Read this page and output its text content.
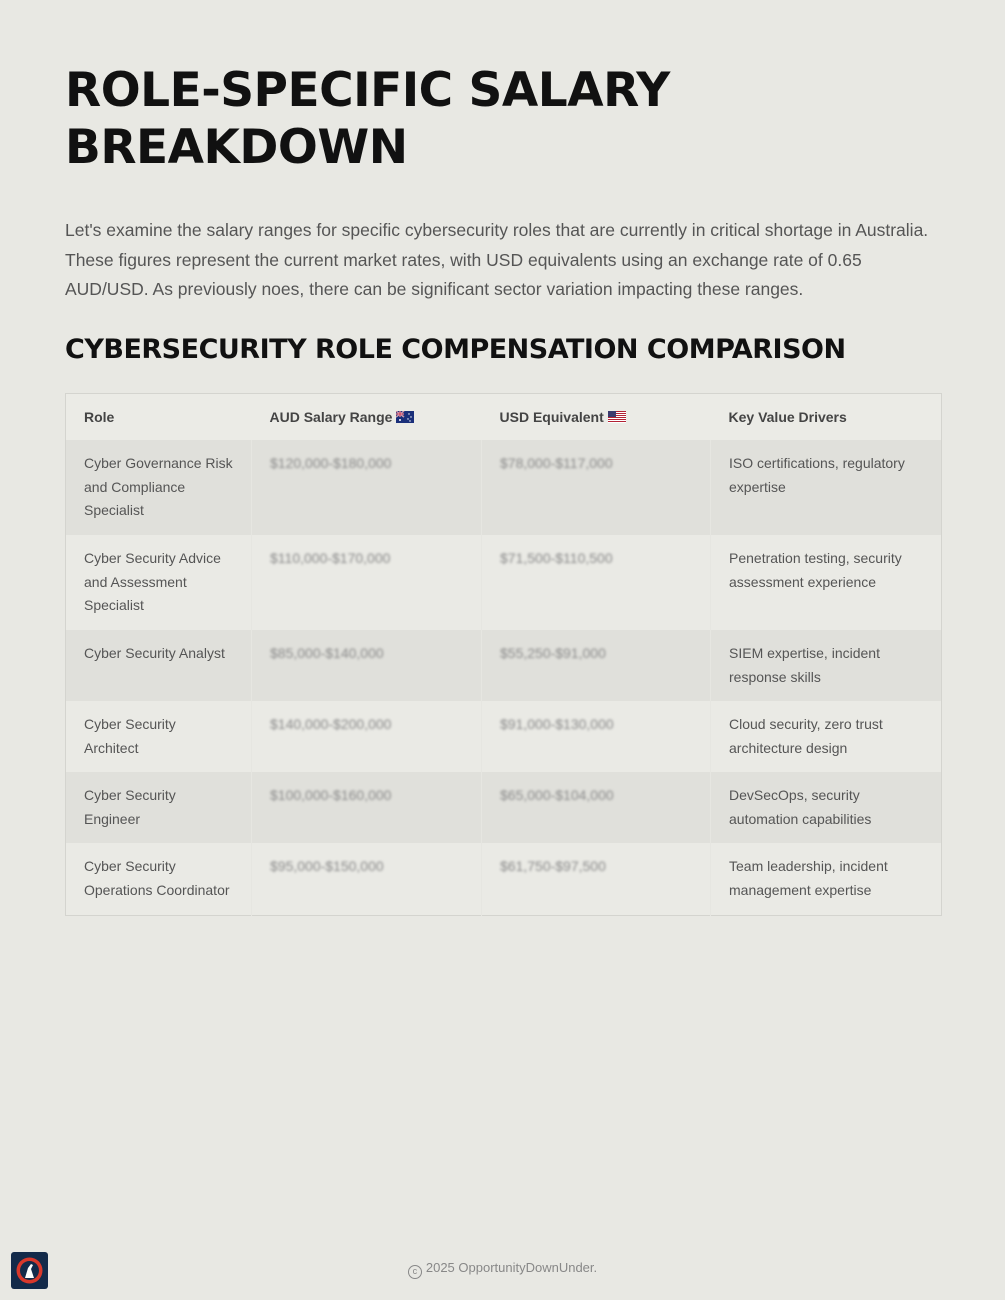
ROLE-SPECIFIC SALARY BREAKDOWN

Let's examine the salary ranges for specific cybersecurity roles that are currently in critical shortage in Australia. These figures represent the current market rates, with USD equivalents using an exchange rate of 0.65 AUD/USD. As previously noes, there can be significant sector variation impacting these ranges.

CYBERSECURITY ROLE COMPENSATION COMPARISON
Role	AUD Salary Range	USD Equivalent	Key Value Drivers
Cyber Governance Risk and Compliance Specialist	$120,000-$180,000	$78,000-$117,000	ISO certifications, regulatory expertise
Cyber Security Advice and Assessment Specialist	$110,000-$170,000	$71,500-$110,500	Penetration testing, security assessment experience
Cyber Security Analyst	$85,000-$140,000	$55,250-$91,000	SIEM expertise, incident response skills
Cyber Security Architect	$140,000-$200,000	$91,000-$130,000	Cloud security, zero trust architecture design
Cyber Security Engineer	$100,000-$160,000	$65,000-$104,000	DevSecOps, security automation capabilities
Cyber Security Operations Coordinator	$95,000-$150,000	$61,750-$97,500	Team leadership, incident management expertise
c 2025 OpportunityDownUnder.
